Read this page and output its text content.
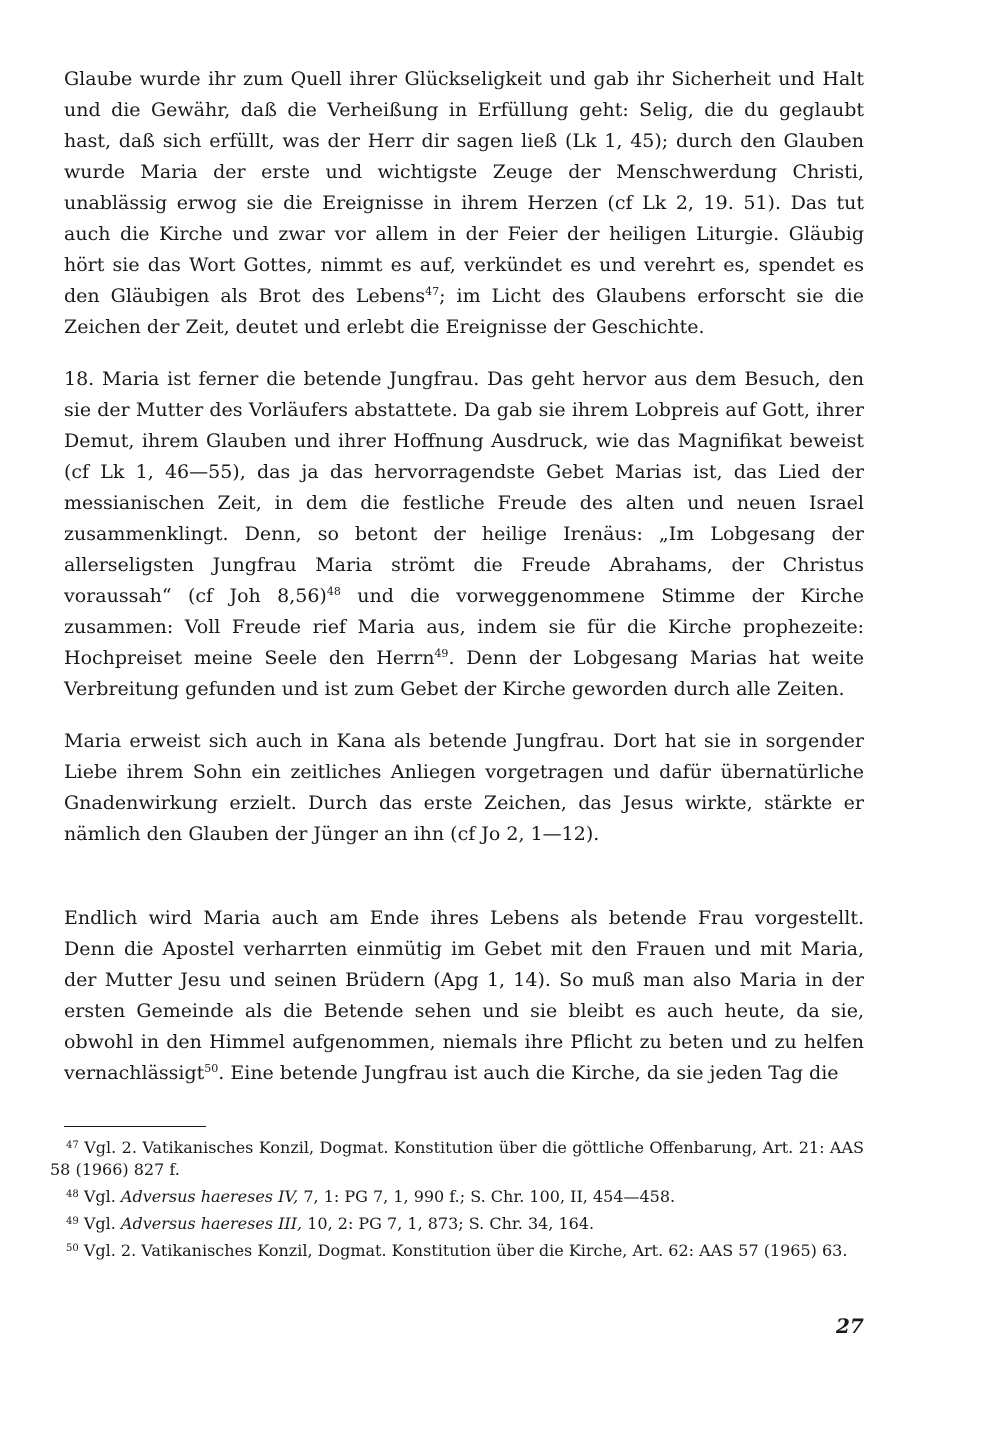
Glaube wurde ihr zum Quell ihrer Glückseligkeit und gab ihr Sicherheit und Halt und die Gewähr, daß die Verheißung in Erfüllung geht: Selig, die du geglaubt hast, daß sich erfüllt, was der Herr dir sagen ließ (Lk 1, 45); durch den Glauben wurde Maria der erste und wichtigste Zeuge der Menschwerdung Christi, unablässig erwog sie die Ereignisse in ihrem Herzen (cf Lk 2, 19. 51). Das tut auch die Kirche und zwar vor allem in der Feier der heiligen Liturgie. Gläubig hört sie das Wort Gottes, nimmt es auf, verkündet es und verehrt es, spendet es den Gläubigen als Brot des Lebens$^{47}$; im Licht des Glaubens erforscht sie die Zeichen der Zeit, deutet und erlebt die Ereignisse der Geschichte.

18. Maria ist ferner die betende Jungfrau. Das geht hervor aus dem Besuch, den sie der Mutter des Vorläufers abstattete. Da gab sie ihrem Lobpreis auf Gott, ihrer Demut, ihrem Glauben und ihrer Hoffnung Ausdruck, wie das Magnifikat beweist (cf Lk 1, 46—55), das ja das hervorragendste Gebet Marias ist, das Lied der messianischen Zeit, in dem die festliche Freude des alten und neuen Israel zusammenklingt. Denn, so betont der heilige Irenäus: „Im Lobgesang der allerseligsten Jungfrau Maria strömt die Freude Abrahams, der Christus voraussah“ (cf Joh 8,56)$^{48}$ und die vorweggenommene Stimme der Kirche zusammen: Voll Freude rief Maria aus, indem sie für die Kirche prophezeite: Hochpreiset meine Seele den Herrn$^{49}$. Denn der Lobgesang Marias hat weite Verbreitung gefunden und ist zum Gebet der Kirche geworden durch alle Zeiten.

Maria erweist sich auch in Kana als betende Jungfrau. Dort hat sie in sorgender Liebe ihrem Sohn ein zeitliches Anliegen vorgetragen und dafür übernatürliche Gnadenwirkung erzielt. Durch das erste Zeichen, das Jesus wirkte, stärkte er nämlich den Glauben der Jünger an ihn (cf Jo 2, 1—12).

Endlich wird Maria auch am Ende ihres Lebens als betende Frau vorgestellt. Denn die Apostel verharrten einmütig im Gebet mit den Frauen und mit Maria, der Mutter Jesu und seinen Brüdern (Apg 1, 14). So muß man also Maria in der ersten Gemeinde als die Betende sehen und sie bleibt es auch heute, da sie, obwohl in den Himmel aufgenommen, niemals ihre Pflicht zu beten und zu helfen vernachlässigt$^{50}$. Eine betende Jungfrau ist auch die Kirche, da sie jeden Tag die

$^{47}$ Vgl. 2. Vatikanisches Konzil, Dogmat. Konstitution über die göttliche Offenbarung, Art. 21: AAS 58 (1966) 827 f.

$^{48}$ Vgl. Adversus haereses IV, 7, 1: PG 7, 1, 990 f.; S. Chr. 100, II, 454—458.

$^{49}$ Vgl. Adversus haereses III, 10, 2: PG 7, 1, 873; S. Chr. 34, 164.

$^{50}$ Vgl. 2. Vatikanisches Konzil, Dogmat. Konstitution über die Kirche, Art. 62: AAS 57 (1965) 63.

27
